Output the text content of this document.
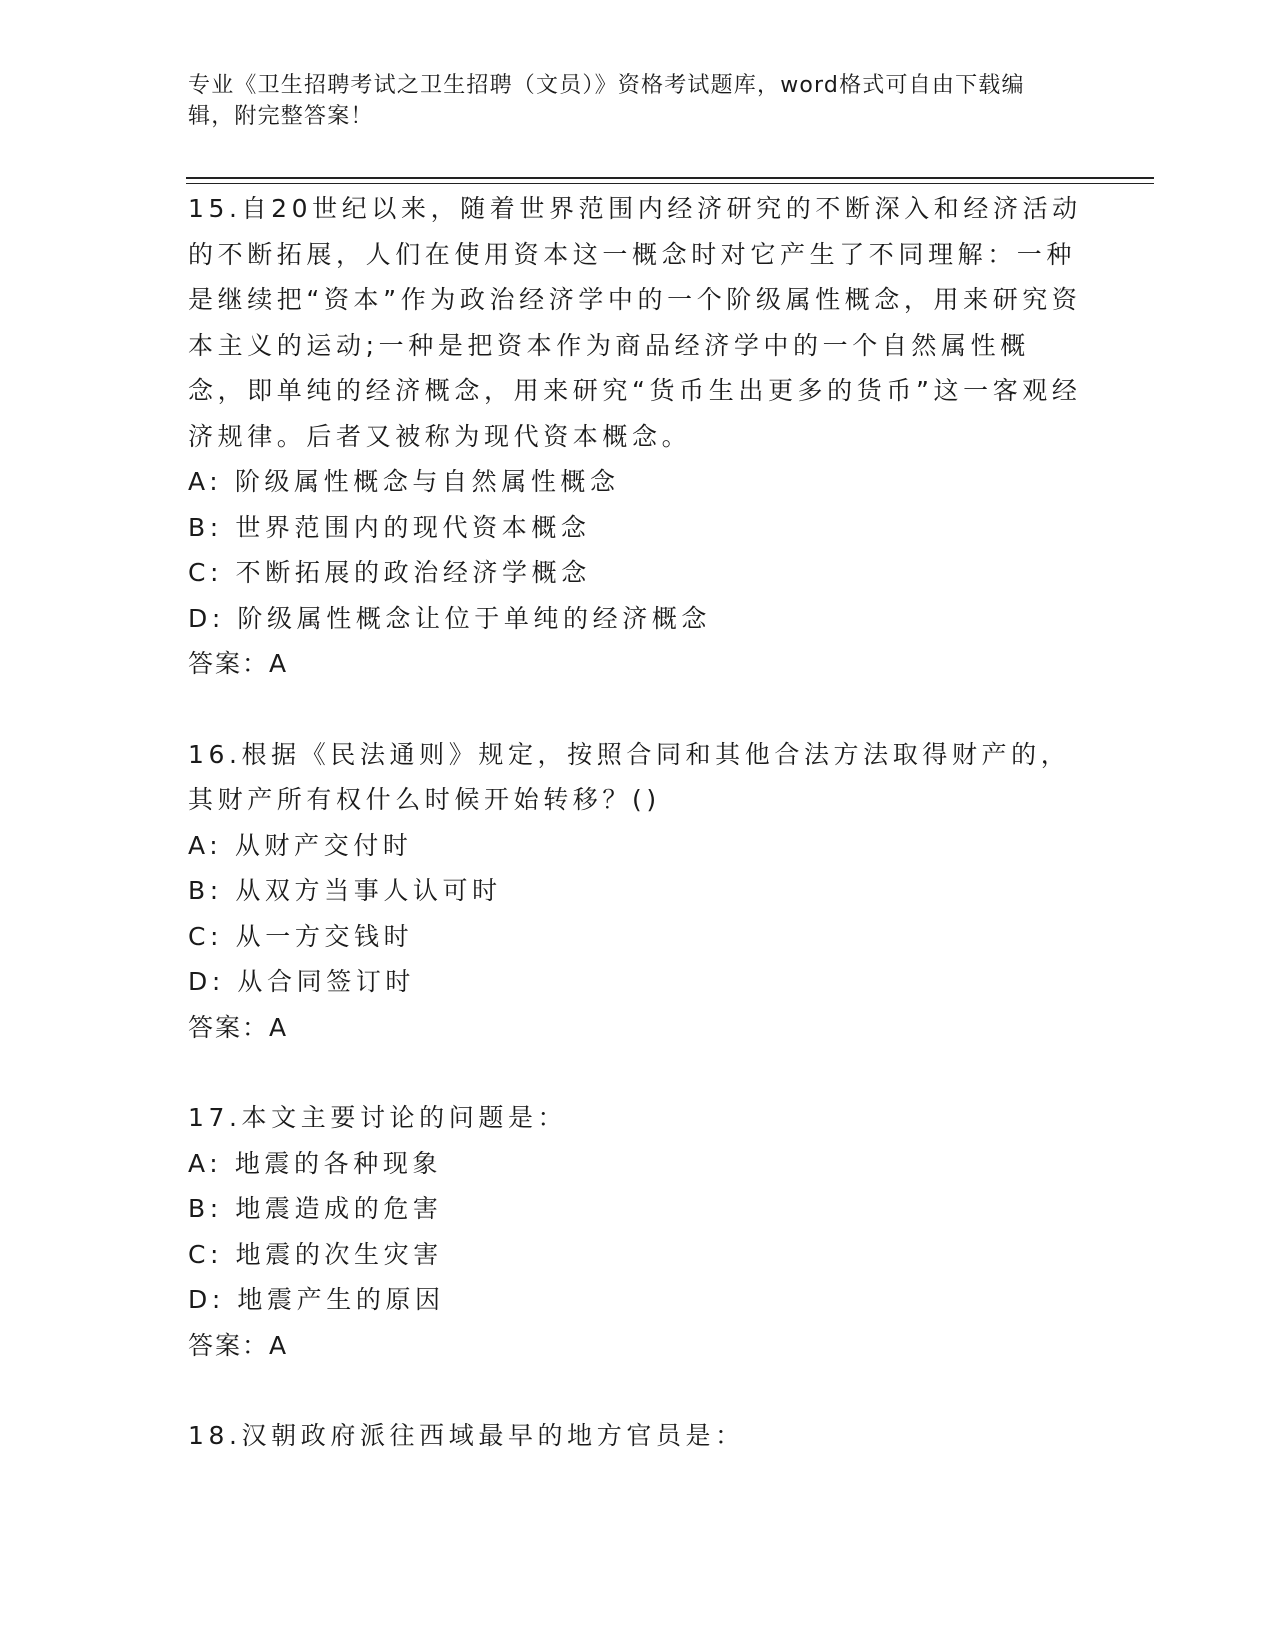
专业《卫生招聘考试之卫生招聘（文员）》资格考试题库，word格式可自由下载编辑，附完整答案！

15.自20世纪以来，随着世界范围内经济研究的不断深入和经济活动的不断拓展，人们在使用资本这一概念时对它产生了不同理解：一种是继续把“资本”作为政治经济学中的一个阶级属性概念，用来研究资本主义的运动;一种是把资本作为商品经济学中的一个自然属性概念，即单纯的经济概念，用来研究“货币生出更多的货币”这一客观经济规律。后者又被称为现代资本概念。

A: 阶级属性概念与自然属性概念

B: 世界范围内的现代资本概念

C: 不断拓展的政治经济学概念

D: 阶级属性概念让位于单纯的经济概念

答案：A

16.根据《民法通则》规定，按照合同和其他合法方法取得财产的，其财产所有权什么时候开始转移？()

A: 从财产交付时

B: 从双方当事人认可时

C: 从一方交钱时

D: 从合同签订时

答案：A

17.本文主要讨论的问题是：

A: 地震的各种现象

B: 地震造成的危害

C: 地震的次生灾害

D: 地震产生的原因

答案：A

18.汉朝政府派往西域最早的地方官员是：
